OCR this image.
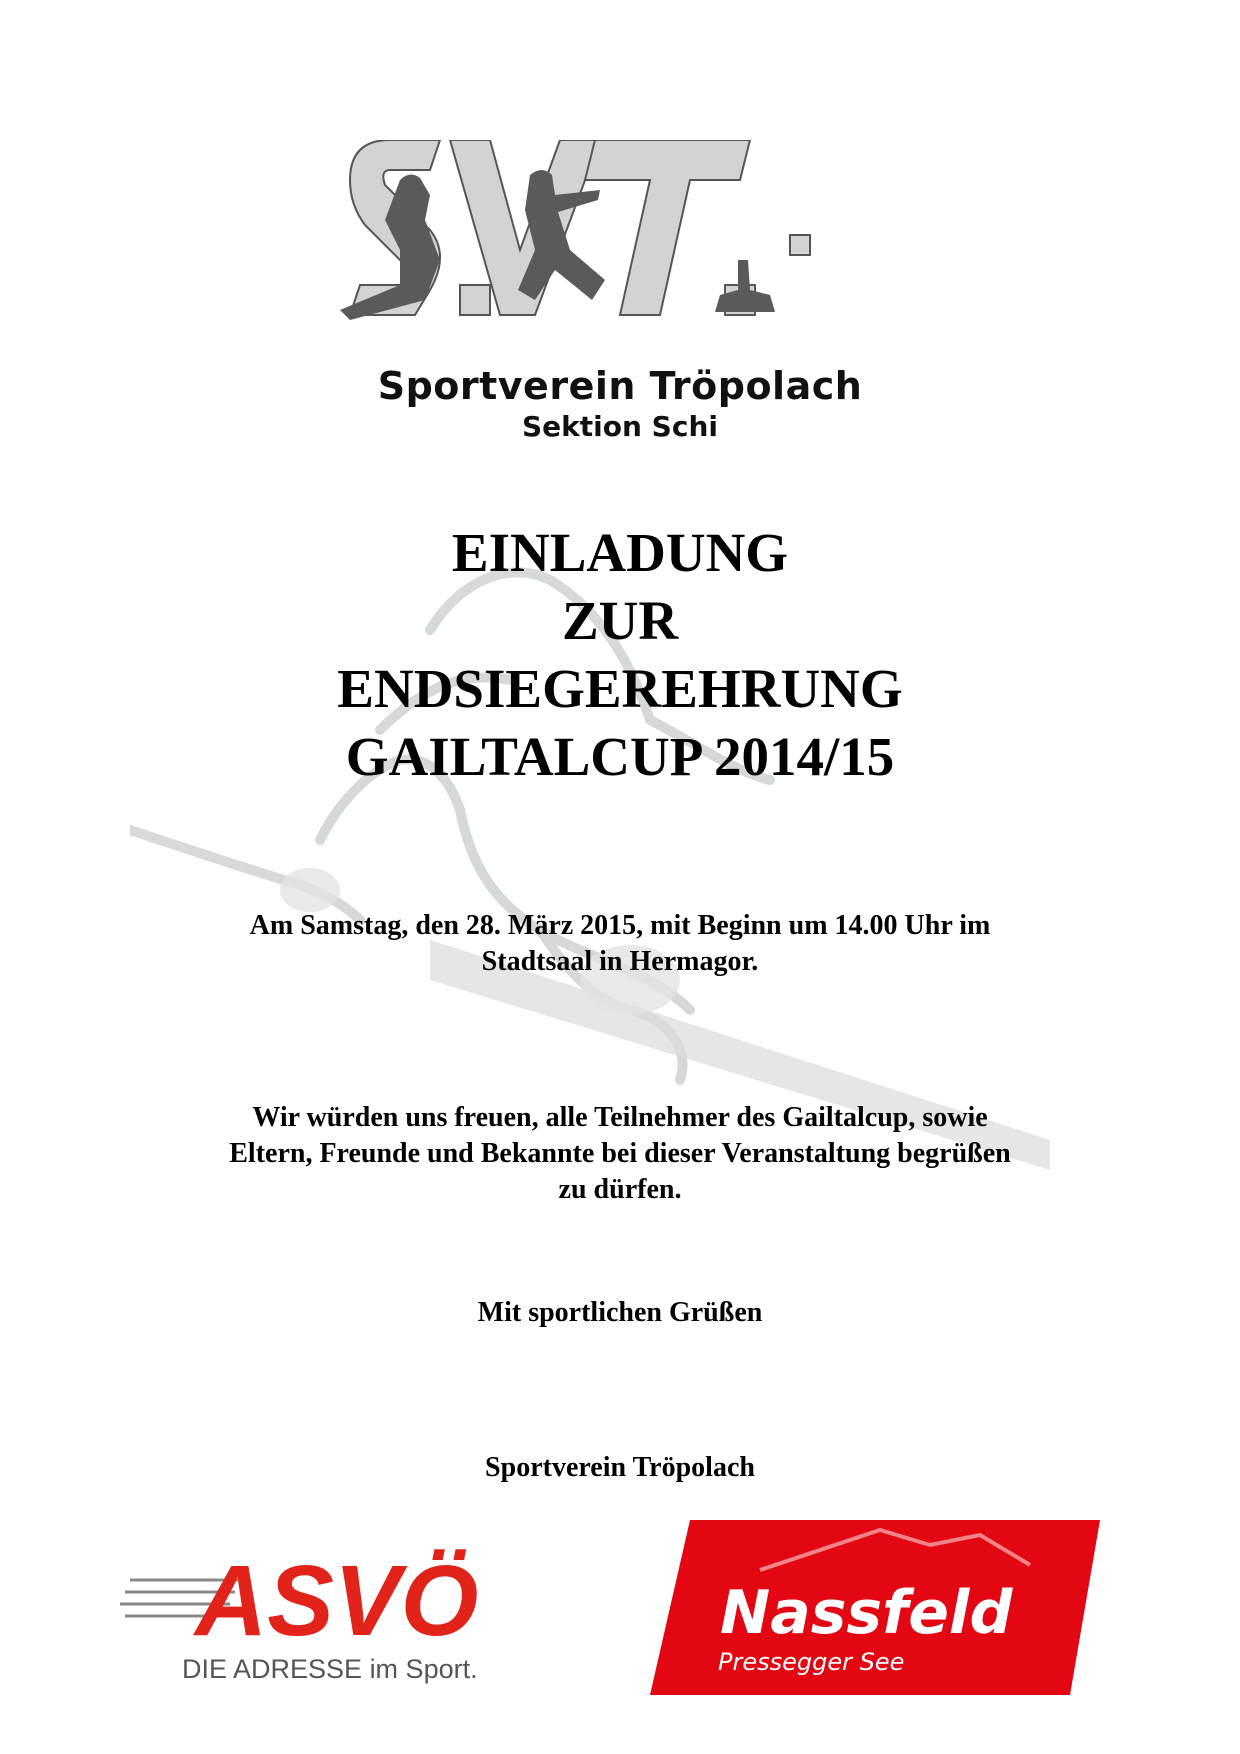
Sportverein Tröpolach
Sektion Schi
EINLADUNG
ZUR
ENDSIEGEREHRUNG
GAILTALCUP 2014/15
Am Samstag, den 28. März 2015, mit Beginn um 14.00 Uhr im
Stadtsaal in Hermagor.
Wir würden uns freuen, alle Teilnehmer des Gailtalcup, sowie
Eltern, Freunde und Bekannte bei dieser Veranstaltung begrüßen
zu dürfen.
Mit sportlichen Grüßen
Sportverein Tröpolach
ASVÖ
DIE ADRESSE im Sport.
Nassfeld
Pressegger See
